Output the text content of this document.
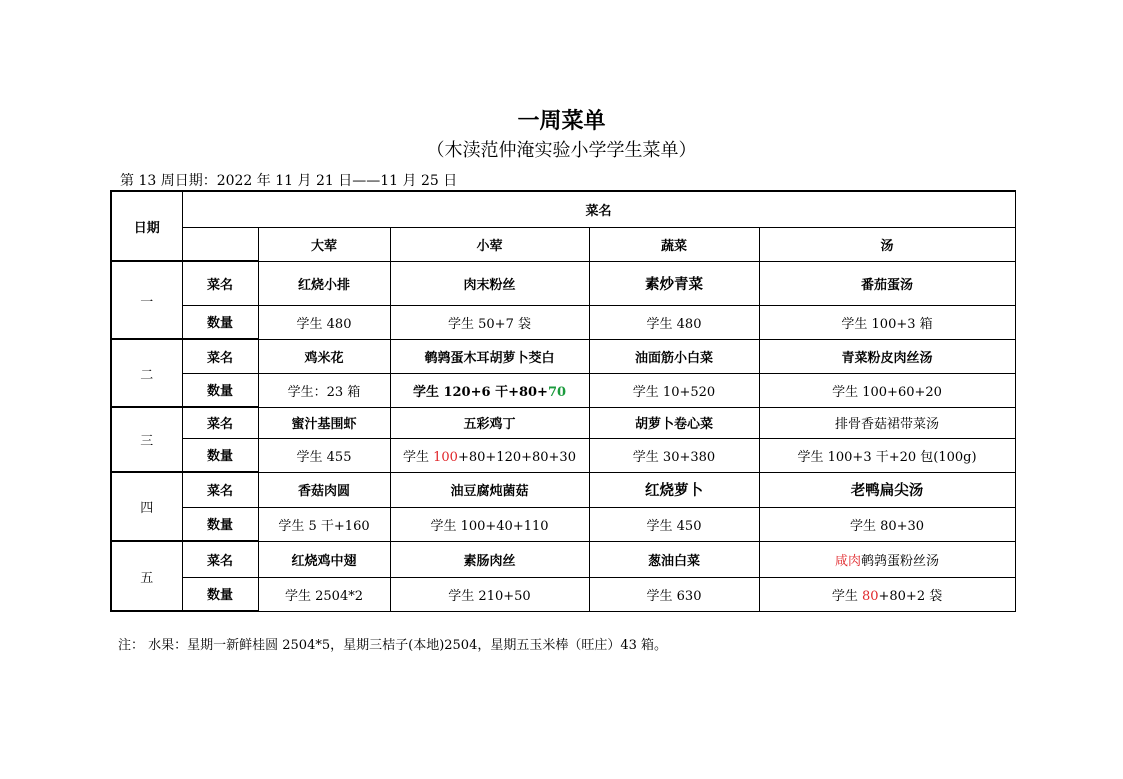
一周菜单
（木渎范仲淹实验小学学生菜单）
第 13 周日期：2022 年 11 月 21 日——11 月 25 日
日期	菜名				
		大荤	小荤	蔬菜	汤
一	菜名	红烧小排	肉末粉丝	素炒青菜	番茄蛋汤
	数量	学生 480	学生 50+7 袋	学生 480	学生 100+3 箱
二	菜名	鸡米花	鹌鹑蛋木耳胡萝卜茭白	油面筋小白菜	青菜粉皮肉丝汤
	数量	学生：23 箱	学生 120+6 干+80+70	学生 10+520	学生 100+60+20
三	菜名	蜜汁基围虾	五彩鸡丁	胡萝卜卷心菜	排骨香菇裙带菜汤
	数量	学生 455	学生 100+80+120+80+30	学生 30+380	学生 100+3 干+20 包(100g)
四	菜名	香菇肉圆	油豆腐炖菌菇	红烧萝卜	老鸭扁尖汤
	数量	学生 5 干+160	学生 100+40+110	学生 450	学生 80+30
五	菜名	红烧鸡中翅	素肠肉丝	葱油白菜	咸肉鹌鹑蛋粉丝汤
	数量	学生 2504*2	学生 210+50	学生 630	学生 80+80+2 袋
注： 水果：星期一新鲜桂圆 2504*5，星期三桔子(本地)2504，星期五玉米棒（旺庄）43 箱。
